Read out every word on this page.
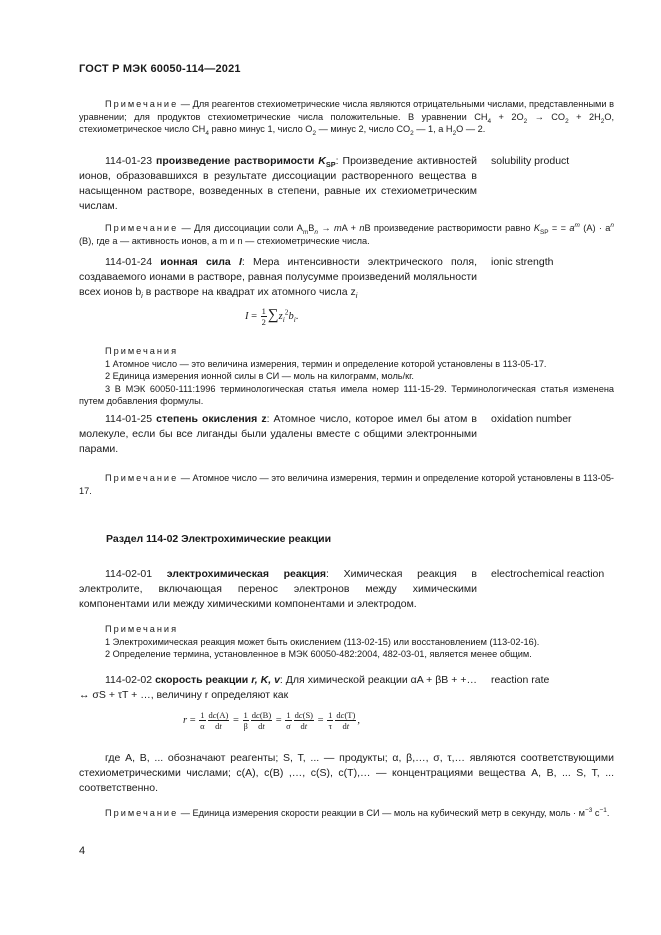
ГОСТ Р МЭК 60050-114—2021
Примечание — Для реагентов стехиометрические числа являются отрицательными числами, представленными в уравнении; для продуктов стехиометрические числа положительные. В уравнении $CH_4 + 2O_2 \to CO_2 + 2H_2O$, стехиометрическое число $CH_4$ равно минус 1, число $O_2$ — минус 2, число $CO_2$ — 1, а $H_2O$ — 2.
114-01-23 произведение растворимости $K_{SP}$: Произведение активностей ионов, образовавшихся в результате диссоциации растворенного вещества в насыщенном растворе, возведенных в степени, равные их стехиометрическим числам.
solubility product
Примечание — Для диссоциации соли $A_mB_n$ → mA + nB произведение растворимости равно $K_{SP}$ = = $a^m$ $(A) \cdot a^n$ (B), где a — активность ионов, a m и n — стехиометрические числа.
114-01-24 ионная сила I: Мера интенсивности электрического поля, создаваемого ионами в растворе, равная полусумме произведений моляльности всех ионов $b_i$ в растворе на квадрат их атомного числа $z_i$
ionic strength
$I = \frac{1}{2} \sum z_i^2b_i$.
Примечания
1 Атомное число — это величина измерения, термин и определение которой установлены в 113-05-17.
2 Единица измерения ионной силы в СИ — моль на килограмм, моль/кг.
3 В МЭК 60050-111:1996 терминологическая статья имела номер 111-15-29. Терминологическая статья изменена путем добавления формулы.
114-01-25 степень окисления z: Атомное число, которое имел бы атом в молекуле, если бы все лиганды были удалены вместе с общими электронными парами.
oxidation number
Примечание — Атомное число — это величина измерения, термин и определение которой установлены в 113-05-17.
Раздел 114-02 Электрохимические реакции
114-02-01 электрохимическая реакция: Химическая реакция в электролите, включающая перенос электронов между химическими компонентами или между химическими компонентами и электродом.
electrochemical reaction
Примечания
1 Электрохимическая реакция может быть окислением (113-02-15) или восстановлением (113-02-16).
2 Определение термина, установленное в МЭК 60050-482:2004, 482-03-01, является менее общим.
114-02-02 скорость реакции r, K, v: Для химической реакции αA + βB + +… ↔ σS + τT + …, величину r определяют как
reaction rate
$r = \frac{1}{\alpha} \frac{dc(A)}{dt} = \frac{1}{\beta} \frac{dc(B)}{dt} = \frac{1}{\sigma} \frac{dc(S)}{dt} = \frac{1}{\tau} \frac{dc(T)}{dt}$ ,
где A, B, ... обозначают реагенты; S, T, ... — продукты; α, β,…, σ, τ,… являются соответствующими стехиометрическими числами; c(A), c(B) ,…, c(S), c(T),… — концентрациями вещества A, B, ... S, T, ... соответственно.
Примечание — Единица измерения скорости реакции в СИ — моль на кубический метр в секунду, моль · $м^{-3}$ $с^{-1}$.
4
